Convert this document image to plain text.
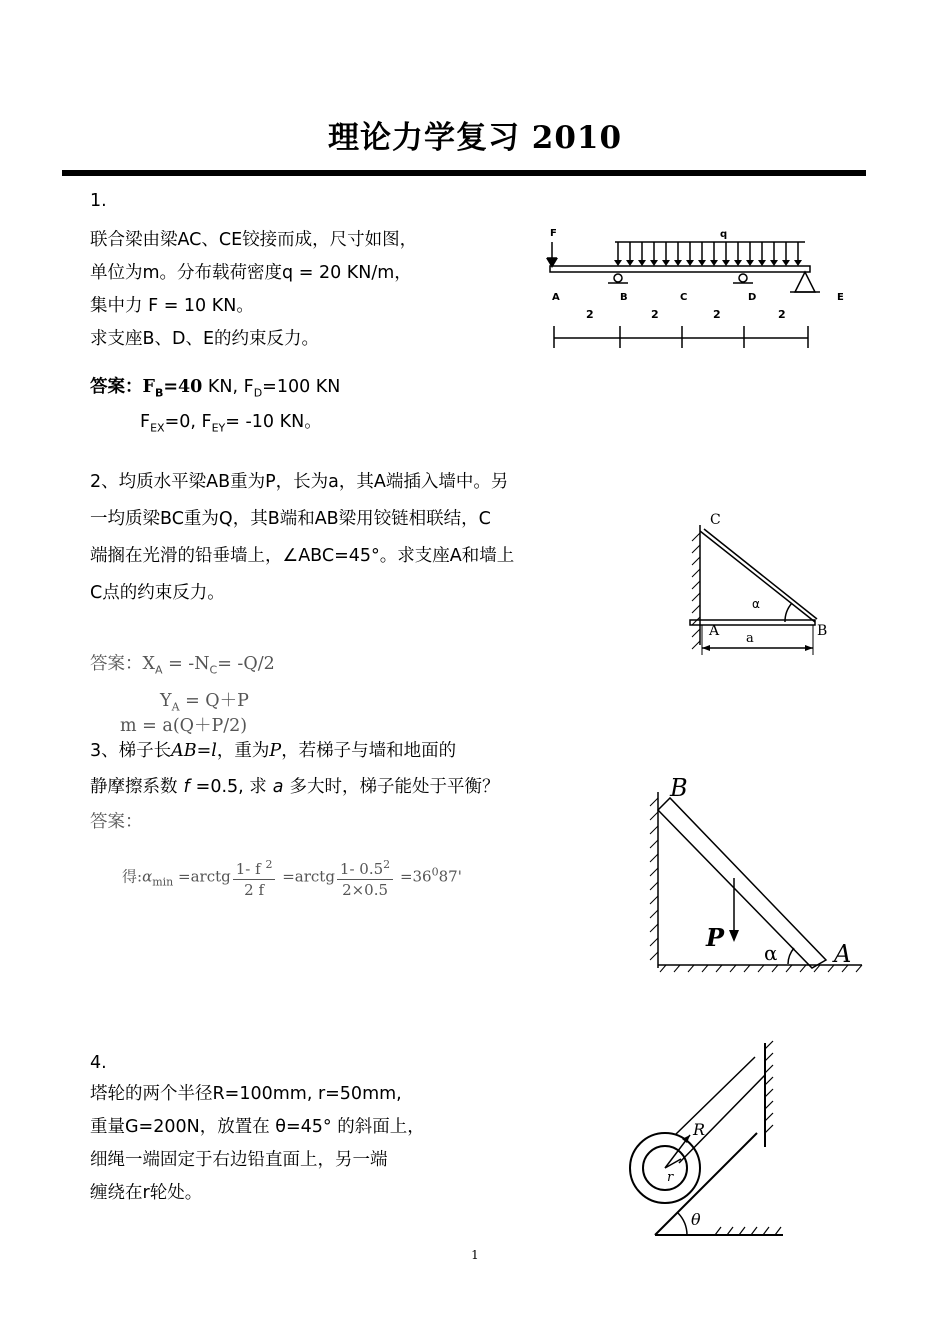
理论力学复习 2010
1.
联合梁由梁AC、CE铰接而成，尺寸如图，
单位为m。分布载荷密度q = 20 KN/m，
集中力 F = 10 KN。
求支座B、D、E的约束反力。
答案：$F_B=40$ KN, $F_D=100$ KN
$F_{EX}=0$, $F_{EY}= -10$ KN。
F	q
A	B	C	D	E
2	2	2	2
2、均质水平梁AB重为P，长为a，其A端插入墙中。另
一均质梁BC重为Q，其B端和AB梁用铰链相联结，C
端搁在光滑的铅垂墙上，∠ABC=45°。求支座A和墙上
C点的约束反力。
答案：$X_A = -N_C= -Q/2$
$Y_A = Q+P$
m = a(Q＋P/2)
C
α
A	B
a
3、梯子长AB=l，重为P，若梯子与墙和地面的
静摩擦系数 f =0.5, 求 a 多大时，梯子能处于平衡？
答案：
得$:\alpha_{min}$ =arctg $\frac{1- f ^2}{2 f}$ =arctg $\frac{1- 0.5^2}{2\times 0.5} =36^087'$
B
P
α A
4.
塔轮的两个半径R=100mm, r=50mm,
重量G=200N，放置在 θ=45° 的斜面上，
细绳一端固定于右边铅直面上，另一端
缠绕在r轮处。
R
r
θ
1
